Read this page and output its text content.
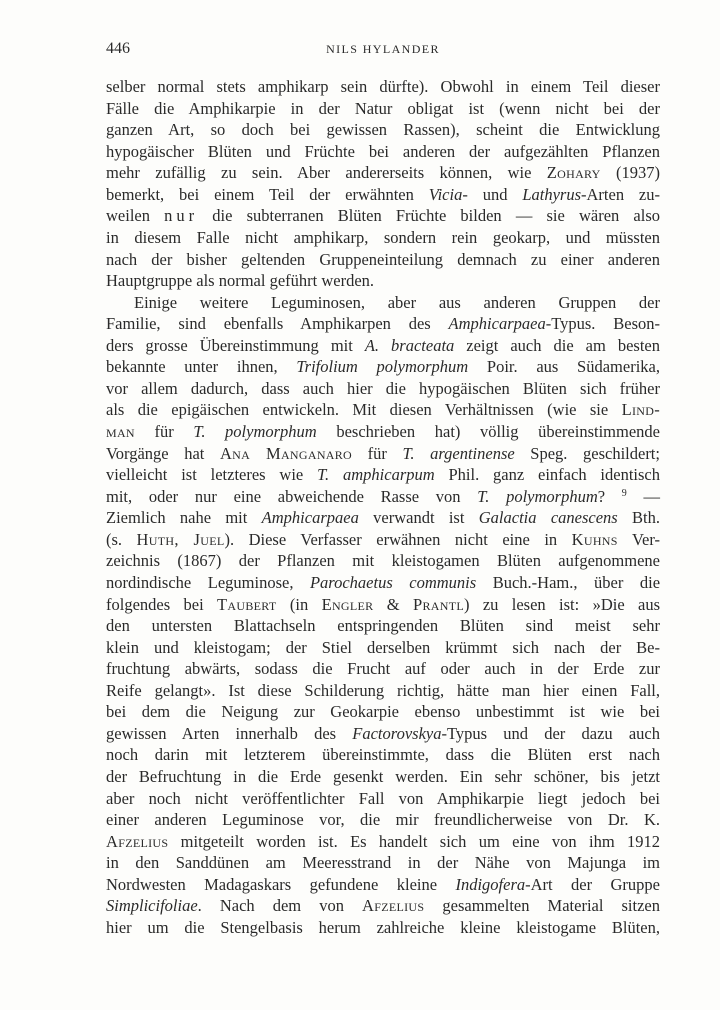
446	NILS HYLANDER
selber normal stets amphikarp sein dürfte). Obwohl in einem Teil dieser
Fälle die Amphikarpie in der Natur obligat ist (wenn nicht bei der
ganzen Art, so doch bei gewissen Rassen), scheint die Entwicklung
hypogäischer Blüten und Früchte bei anderen der aufgezählten Pflanzen
mehr zufällig zu sein. Aber andererseits können, wie Zohary (1937)
bemerkt, bei einem Teil der erwähnten Vicia- und Lathyrus-Arten zu-
weilen nur die subterranen Blüten Früchte bilden — sie wären also
in diesem Falle nicht amphikarp, sondern rein geokarp, und müssten
nach der bisher geltenden Gruppeneinteilung demnach zu einer anderen
Hauptgruppe als normal geführt werden.
Einige weitere Leguminosen, aber aus anderen Gruppen der
Familie, sind ebenfalls Amphikarpen des Amphicarpaea-Typus. Beson-
ders grosse Übereinstimmung mit A. bracteata zeigt auch die am besten
bekannte unter ihnen, Trifolium polymorphum Poir. aus Südamerika,
vor allem dadurch, dass auch hier die hypogäischen Blüten sich früher
als die epigäischen entwickeln. Mit diesen Verhältnissen (wie sie Lind-
man für T. polymorphum beschrieben hat) völlig übereinstimmende
Vorgänge hat Ana Manganaro für T. argentinense Speg. geschildert;
vielleicht ist letzteres wie T. amphicarpum Phil. ganz einfach identisch
mit, oder nur eine abweichende Rasse von T. polymorphum? $^9$ —
Ziemlich nahe mit Amphicarpaea verwandt ist Galactia canescens Bth.
(s. Huth, Juel). Diese Verfasser erwähnen nicht eine in Kuhns Ver-
zeichnis (1867) der Pflanzen mit kleistogamen Blüten aufgenommene
nordindische Leguminose, Parochaetus communis Buch.-Ham., über die
folgendes bei Taubert (in Engler & Prantl) zu lesen ist: »Die aus
den untersten Blattachseln entspringenden Blüten sind meist sehr
klein und kleistogam; der Stiel derselben krümmt sich nach der Be-
fruchtung abwärts, sodass die Frucht auf oder auch in der Erde zur
Reife gelangt». Ist diese Schilderung richtig, hätte man hier einen Fall,
bei dem die Neigung zur Geokarpie ebenso unbestimmt ist wie bei
gewissen Arten innerhalb des Factorovskya-Typus und der dazu auch
noch darin mit letzterem übereinstimmte, dass die Blüten erst nach
der Befruchtung in die Erde gesenkt werden. Ein sehr schöner, bis jetzt
aber noch nicht veröffentlichter Fall von Amphikarpie liegt jedoch bei
einer anderen Leguminose vor, die mir freundlicherweise von Dr. K.
Afzelius mitgeteilt worden ist. Es handelt sich um eine von ihm 1912
in den Sanddünen am Meeresstrand in der Nähe von Majunga im
Nordwesten Madagaskars gefundene kleine Indigofera-Art der Gruppe
Simplicifoliae. Nach dem von Afzelius gesammelten Material sitzen
hier um die Stengelbasis herum zahlreiche kleine kleistogame Blüten,
